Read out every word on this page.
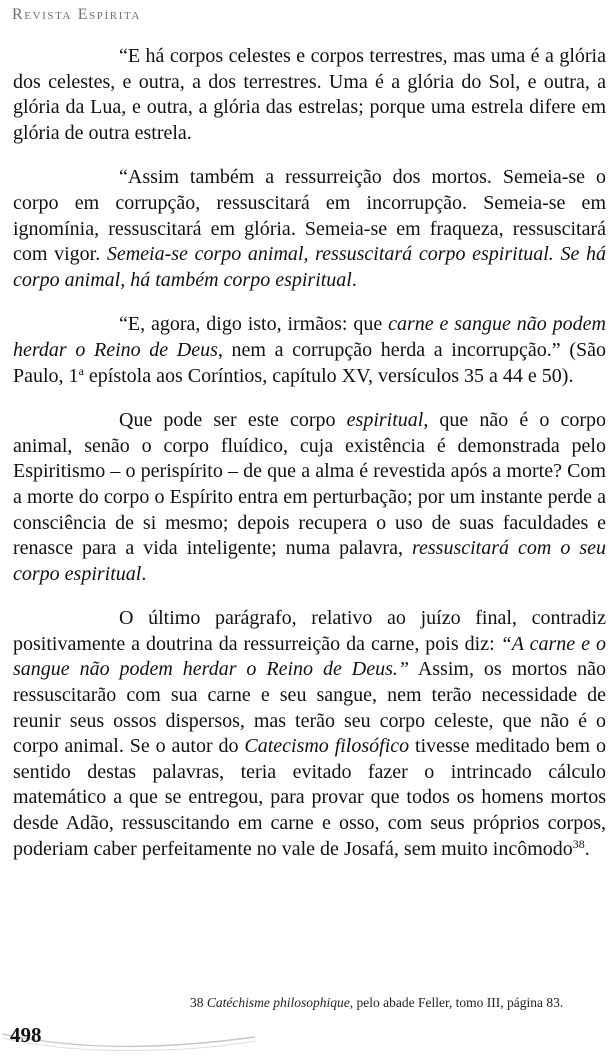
Revista Espírita

“E há corpos celestes e corpos terrestres, mas uma é a glória dos celestes, e outra, a dos terrestres. Uma é a glória do Sol, e outra, a glória da Lua, e outra, a glória das estrelas; porque uma estrela difere em glória de outra estrela.

“Assim também a ressurreição dos mortos. Semeia-se o corpo em corrupção, ressuscitará em incorrupção. Semeia-se em ignomínia, ressuscitará em glória. Semeia-se em fraqueza, ressuscitará com vigor. Semeia-se corpo animal, ressuscitará corpo espiritual. Se há corpo animal, há também corpo espiritual.

“E, agora, digo isto, irmãos: que carne e sangue não podem herdar o Reino de Deus, nem a corrupção herda a incorrupção.” (São Paulo, 1$^a$ epístola aos Coríntios, capítulo XV, versículos 35 a 44 e 50).

Que pode ser este corpo espiritual, que não é o corpo animal, senão o corpo fluídico, cuja existência é demonstrada pelo Espiritismo – o perispírito – de que a alma é revestida após a morte? Com a morte do corpo o Espírito entra em perturbação; por um instante perde a consciência de si mesmo; depois recupera o uso de suas faculdades e renasce para a vida inteligente; numa palavra, ressuscitará com o seu corpo espiritual.

O último parágrafo, relativo ao juízo final, contradiz positivamente a doutrina da ressurreição da carne, pois diz: “A carne e o sangue não podem herdar o Reino de Deus.” Assim, os mortos não ressuscitarão com sua carne e seu sangue, nem terão necessidade de reunir seus ossos dispersos, mas terão seu corpo celeste, que não é o corpo animal. Se o autor do Catecismo filosófico tivesse meditado bem o sentido destas palavras, teria evitado fazer o intrincado cálculo matemático a que se entregou, para provar que todos os homens mortos desde Adão, ressuscitando em carne e osso, com seus próprios corpos, poderiam caber perfeitamente no vale de Josafá, sem muito incômodo$^{38}$.

38 Catéchisme philosophique, pelo abade Feller, tomo III, página 83.
498
